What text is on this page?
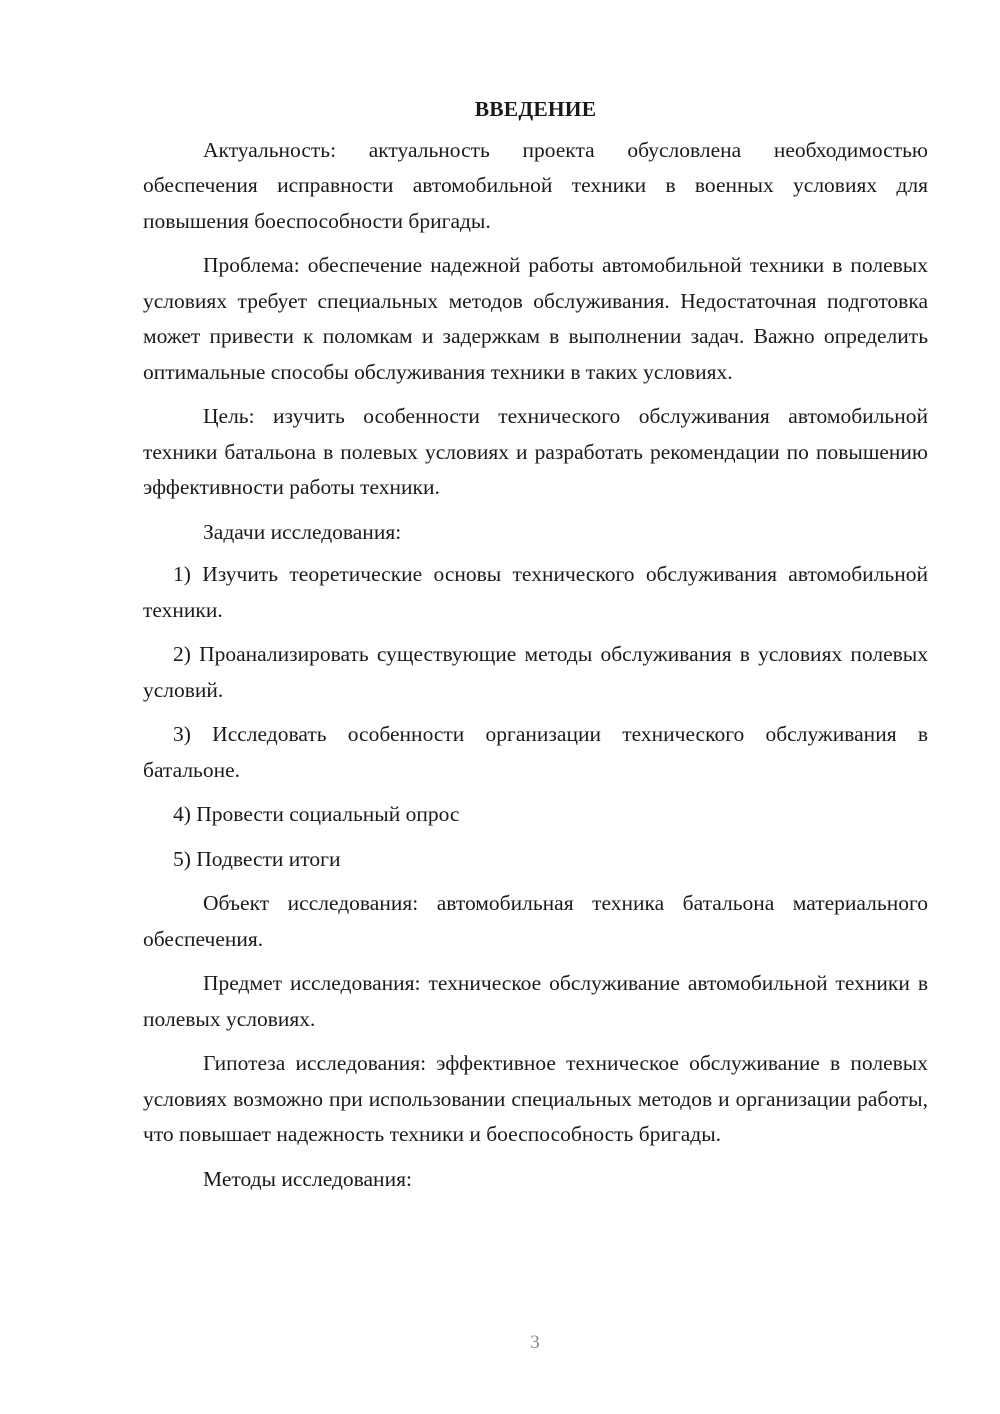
ВВЕДЕНИЕ

Актуальность: актуальность проекта обусловлена необходимостью обеспечения исправности автомобильной техники в военных условиях для повышения боеспособности бригады.

Проблема: обеспечение надежной работы автомобильной техники в полевых условиях требует специальных методов обслуживания. Недостаточная подготовка может привести к поломкам и задержкам в выполнении задач. Важно определить оптимальные способы обслуживания техники в таких условиях.

Цель: изучить особенности технического обслуживания автомобильной техники батальона в полевых условиях и разработать рекомендации по повышению эффективности работы техники.

Задачи исследования:

1) Изучить теоретические основы технического обслуживания автомобильной техники.

2) Проанализировать существующие методы обслуживания в условиях полевых условий.

3) Исследовать особенности организации технического обслуживания в батальоне.

4) Провести социальный опрос

5) Подвести итоги

Объект исследования: автомобильная техника батальона материального обеспечения.

Предмет исследования: техническое обслуживание автомобильной техники в полевых условиях.

Гипотеза исследования: эффективное техническое обслуживание в полевых условиях возможно при использовании специальных методов и организации работы, что повышает надежность техники и боеспособность бригады.

Методы исследования:

3
